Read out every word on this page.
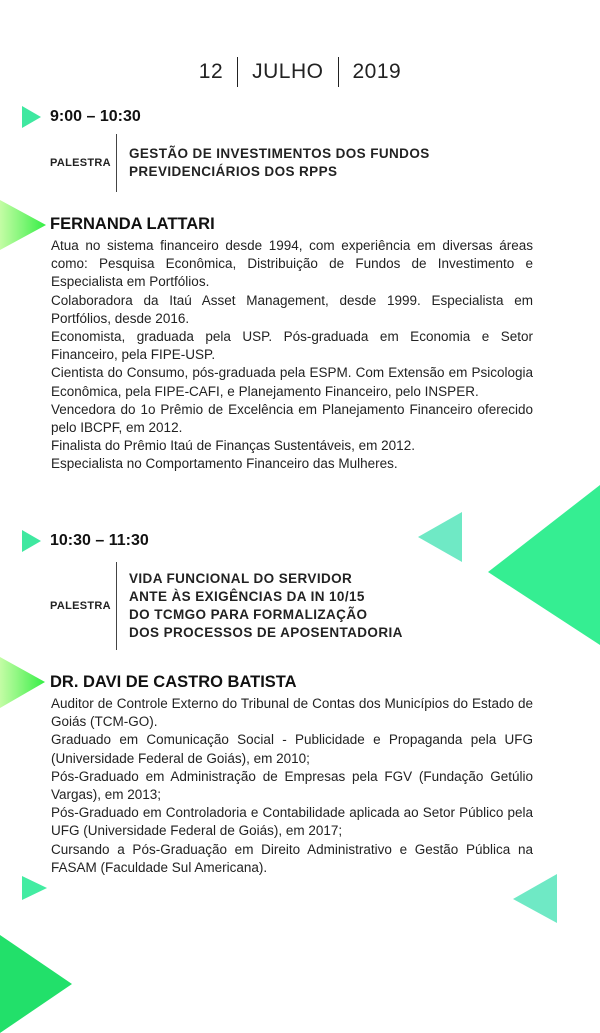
12 JULHO 2019
9:00 – 10:30
PALESTRA
GESTÃO DE INVESTIMENTOS DOS FUNDOS
PREVIDENCIÁRIOS DOS RPPS
FERNANDA LATTARI

Atua no sistema financeiro desde 1994, com experiência em diversas áreas como: Pesquisa Econômica, Distribuição de Fundos de Investimento e Especialista em Portfólios.

Colaboradora da Itaú Asset Management, desde 1999. Especialista em Portfólios, desde 2016.

Economista, graduada pela USP. Pós-graduada em Economia e Setor Financeiro, pela FIPE-USP.

Cientista do Consumo, pós-graduada pela ESPM. Com Extensão em Psicologia Econômica, pela FIPE-CAFI, e Planejamento Financeiro, pelo INSPER.

Vencedora do 1o Prêmio de Excelência em Planejamento Financeiro oferecido pelo IBCPF, em 2012.

Finalista do Prêmio Itaú de Finanças Sustentáveis, em 2012.

Especialista no Comportamento Financeiro das Mulheres.

10:30 – 11:30
PALESTRA
VIDA FUNCIONAL DO SERVIDOR
ANTE ÀS EXIGÊNCIAS DA IN 10/15
DO TCMGO PARA FORMALIZAÇÃO
DOS PROCESSOS DE APOSENTADORIA
DR. DAVI DE CASTRO BATISTA

Auditor de Controle Externo do Tribunal de Contas dos Municípios do Estado de Goiás (TCM-GO).

Graduado em Comunicação Social - Publicidade e Propaganda pela UFG (Universidade Federal de Goiás), em 2010;

Pós-Graduado em Administração de Empresas pela FGV (Fundação Getúlio Vargas), em 2013;

Pós-Graduado em Controladoria e Contabilidade aplicada ao Setor Público pela UFG (Universidade Federal de Goiás), em 2017;

Cursando a Pós-Graduação em Direito Administrativo e Gestão Pública na FASAM (Faculdade Sul Americana).
